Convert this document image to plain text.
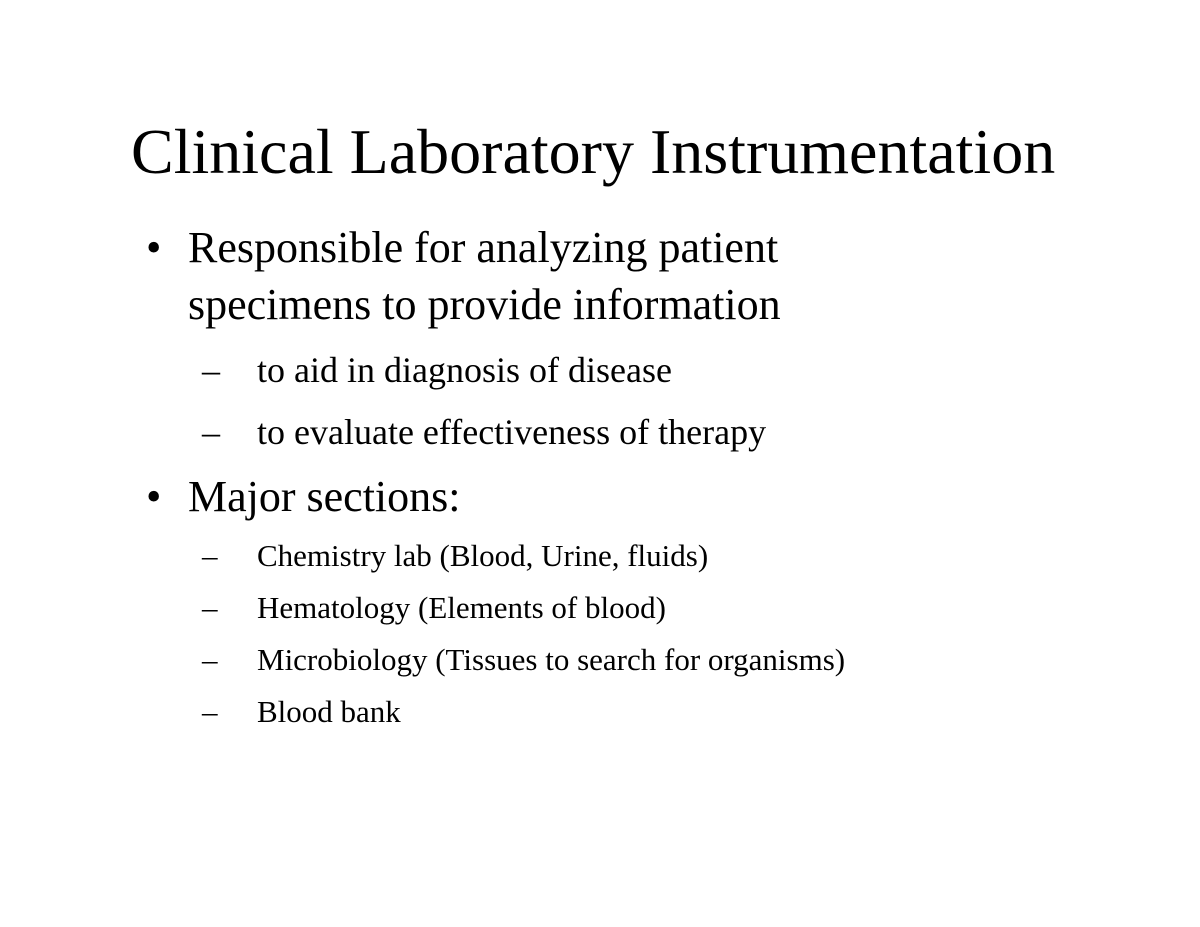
Clinical Laboratory Instrumentation
• Responsible for analyzing patient
specimens to provide information
– to aid in diagnosis of disease
– to evaluate effectiveness of therapy
• Major sections:
– Chemistry lab (Blood, Urine, fluids)
– Hematology (Elements of blood)
– Microbiology (Tissues to search for organisms)
– Blood bank
